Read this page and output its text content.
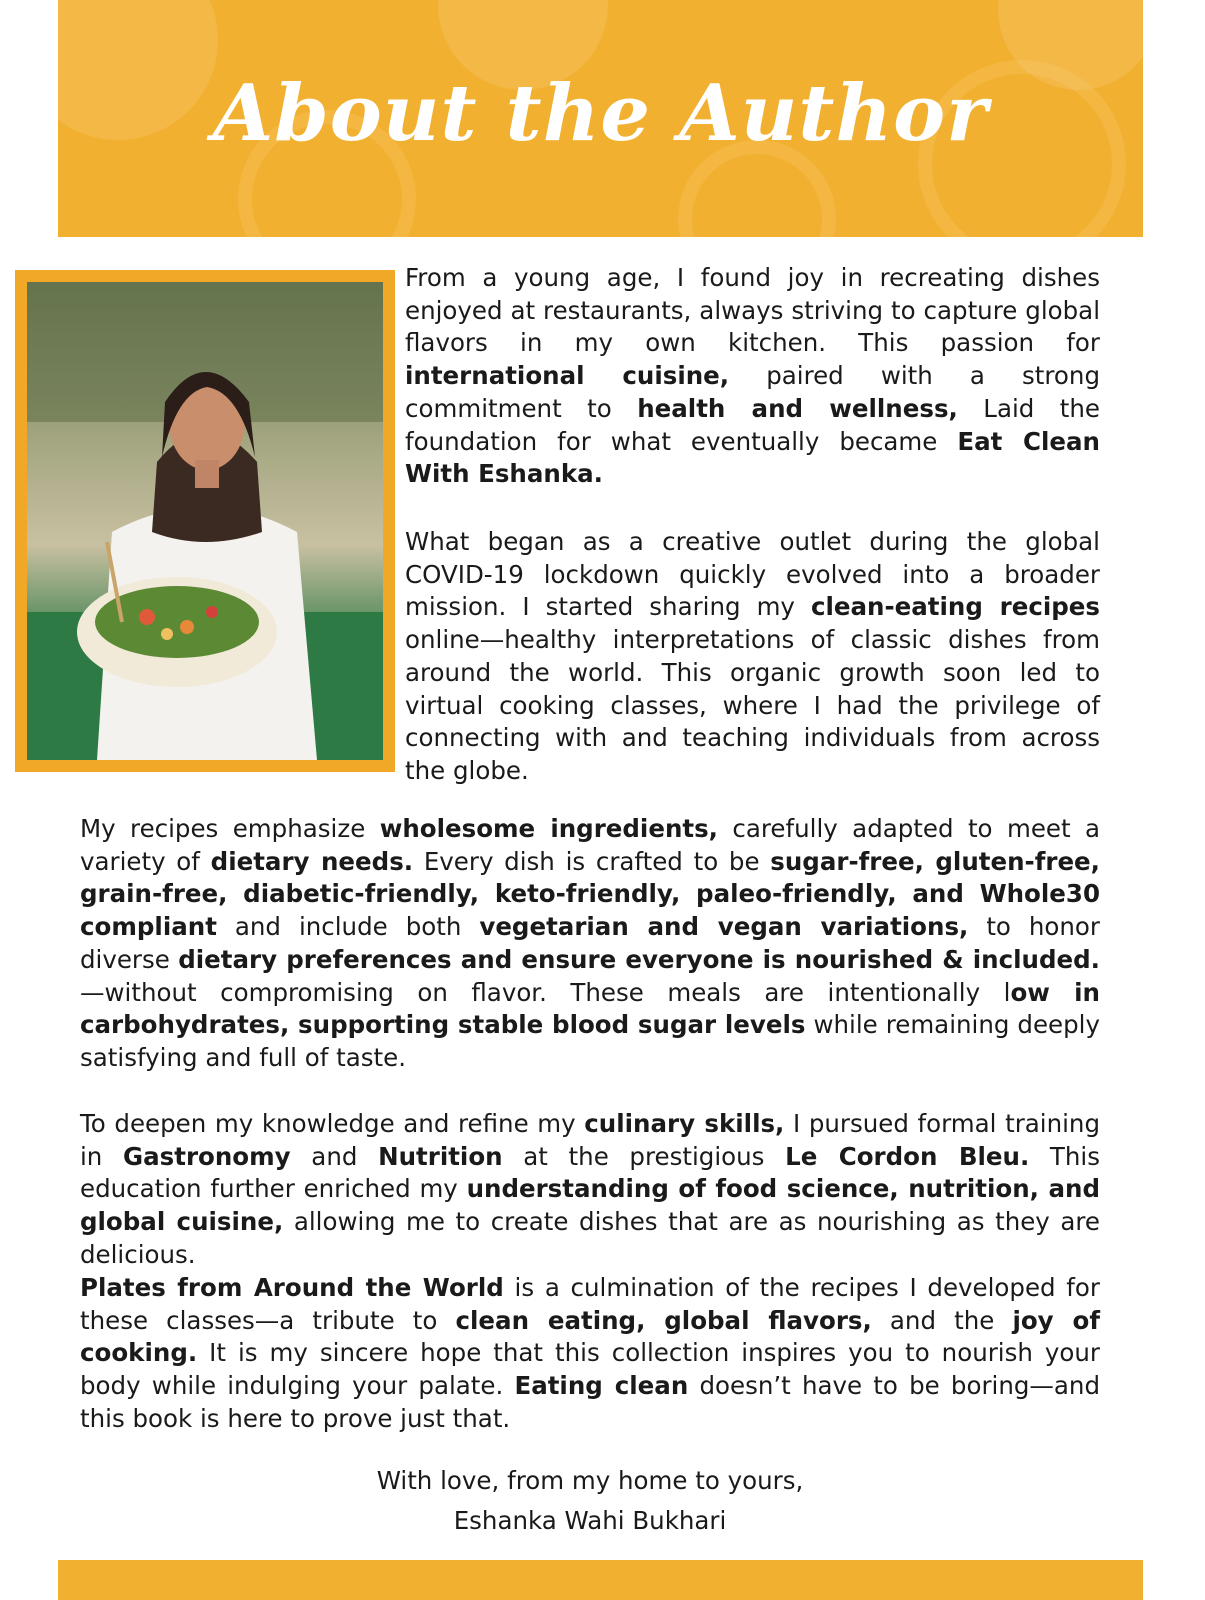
About the Author

From a young age, I found joy in recreating dishes enjoyed at restaurants, always striving to capture global flavors in my own kitchen. This passion for international cuisine, paired with a strong commitment to health and wellness, Laid the foundation for what eventually became Eat Clean With Eshanka.

What began as a creative outlet during the global COVID-19 lockdown quickly evolved into a broader mission. I started sharing my clean-eating recipes online—healthy interpretations of classic dishes from around the world. This organic growth soon led to virtual cooking classes, where I had the privilege of connecting with and teaching individuals from across the globe.

My recipes emphasize wholesome ingredients, carefully adapted to meet a variety of dietary needs. Every dish is crafted to be sugar-free, gluten-free, grain-free, diabetic-friendly, keto-friendly, paleo-friendly, and Whole30 compliant and include both vegetarian and vegan variations, to honor diverse dietary preferences and ensure everyone is nourished & included.—without compromising on flavor. These meals are intentionally low in carbohydrates, supporting stable blood sugar levels while remaining deeply satisfying and full of taste.

To deepen my knowledge and refine my culinary skills, I pursued formal training in Gastronomy and Nutrition at the prestigious Le Cordon Bleu. This education further enriched my understanding of food science, nutrition, and global cuisine, allowing me to create dishes that are as nourishing as they are delicious.

Plates from Around the World is a culmination of the recipes I developed for these classes—a tribute to clean eating, global flavors, and the joy of cooking. It is my sincere hope that this collection inspires you to nourish your body while indulging your palate. Eating clean doesn’t have to be boring—and this book is here to prove just that.

With love, from my home to yours,
Eshanka Wahi Bukhari
